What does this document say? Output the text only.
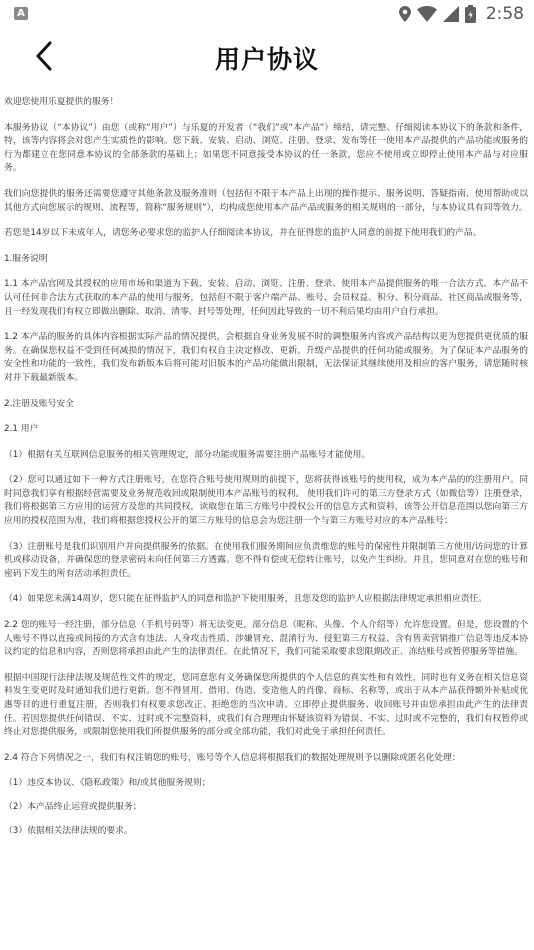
A	2:58
用户协议

欢迎您使用乐夏提供的服务！

本服务协议（“本协议”）由您（或称“用户”）与乐夏的开发者（“我们”或“本产品”）缔结，请完整、仔细阅读本协议下的条款和条件，特，该等内容将会对您产生实质性的影响。您下载、安装、启动、浏览、注册、登录、发布等任一使用本产品提供的产品功能或服务的行为都建立在您同意本协议的全部条款的基础上；如果您不同意接受本协议的任一条款，您应不使用或立即停止使用本产品与对应服务。

我们向您提供的服务还需要您遵守其他条款及服务准则（包括但不限于本产品上出现的操作提示、服务说明、答疑指南、使用帮助或以其他方式向您展示的规则、流程等，简称“服务规则”），均构成您使用本产品产品或服务的相关规则的一部分，与本协议具有同等效力。

若您是14岁以下未成年人，请您务必要求您的监护人仔细阅读本协议，并在征得您的监护人同意的前提下使用我们的产品。

1.服务说明

1.1 本产品官网及其授权的应用市场和渠道为下载、安装、启动、浏览、注册、登录、使用本产品提供服务的唯一合法方式。本产品不认可任何非合法方式获取的本产品的使用与服务，包括但不限于客户端产品、账号、会员权益、积分、积分商品、社区商品或服务等，且一经发现我们有权立即做出删除、取消、清零、封号等处理，任何因此导致的一切不利后果均由用户自行承担。

1.2 本产品的服务的具体内容根据实际产品的情况提供，会根据自身业务发展不时的调整服务内容或产品结构以更为您提供更优质的服务。在确保您权益不受到任何减损的情况下，我们有权自主决定修改、更新、升级产品提供的任何功能或服务。为了保证本产品服务的安全性和功能的一致性，我们发布新版本后将可能对旧版本的产品功能做出限制，无法保证其继续使用及相应的客户服务，请您随时核对并下载最新版本。

2.注册及账号安全

2.1 用户

（1）根据有关互联网信息服务的相关管理规定，部分功能或服务需要注册产品账号才能使用。

（2）您可以通过如下一种方式注册账号，在您符合账号使用规则的前提下，您将获得该账号的使用权，成为本产品的的注册用户。同时同意我们享有根据经营需要及业务规范收回或限制使用本产品账号的权利。 使用我们许可的第三方登录方式（如微信等）注册登录，我们将根据第三方应用的运营方及您的共同授权，读取您在第三方账号中授权公开的信息方式和资料，该等公开信息范围以您向第三方应用的授权范围为准，我们将根据您授权公开的第三方账号的信息会为您注册一个与第三方账号对应的本产品账号；

（3）注册账号是我们识别用户并向提供服务的依据。在使用我们服务期间应负责维您的账号的保密性并限制第三方使用/访问您的计算机或移动设备，并确保您的登录密码未向任何第三方透露。您不得有偿或无偿转让账号，以免产生纠纷。并且，您同意对在您的账号和密码下发生的所有活动承担责任。

（4）如果您未满14周岁，您只能在征得监护人的同意和监护下使用服务，且您及您的监护人应根据法律规定承担相应责任。

2.2 您的账号一经注册，部分信息（手机号码等）将无法变更，部分信息（昵称、头像、个人介绍等）允许您设置。但是，您设置的个人账号不得以直接或间接的方式含有违法、人身攻击性质、涉嫌冒充、混淆行为、侵犯第三方权益、含有售卖营销推广信息等违反本协议约定的信息和内容，否则您将承担由此产生的法律责任。在此情况下，我们可能采取要求您限期改正、冻结账号或暂停服务等措施。

根据中国现行法律法规及规范性文件的规定，您同意您有义务确保您所提供的个人信息的真实性和有效性，同时也有义务在相关信息资料发生变更时及时通知我们进行更新。您不得冒用、借用、伪造、变造他人的肖像、商标、名称等，或出于从本产品获得额外补贴或优惠等目的进行重复注册，否则我们有权要求您改正、拒绝您的当次申请、立即停止提供服务、收回账号并由您承担由此产生的法律责任。若因您提供任何错误、不实、过时或不完整资料，或我们有合理理由怀疑该资料为错误、不实、过时或不完整的，我们有权暂停或终止对您提供服务，或限制您使用我们所提供服务的部分或全部功能，我们对此免于承担任何责任。

2.4 符合下列情况之一，我们有权注销您的账号，账号等个人信息将根据我们的数据处理规则予以删除或匿名化处理：

（1）违反本协议、《隐私政策》和/或其他服务规则；

（2）本产品终止运营或提供服务；

（3）依据相关法律法规的要求。
